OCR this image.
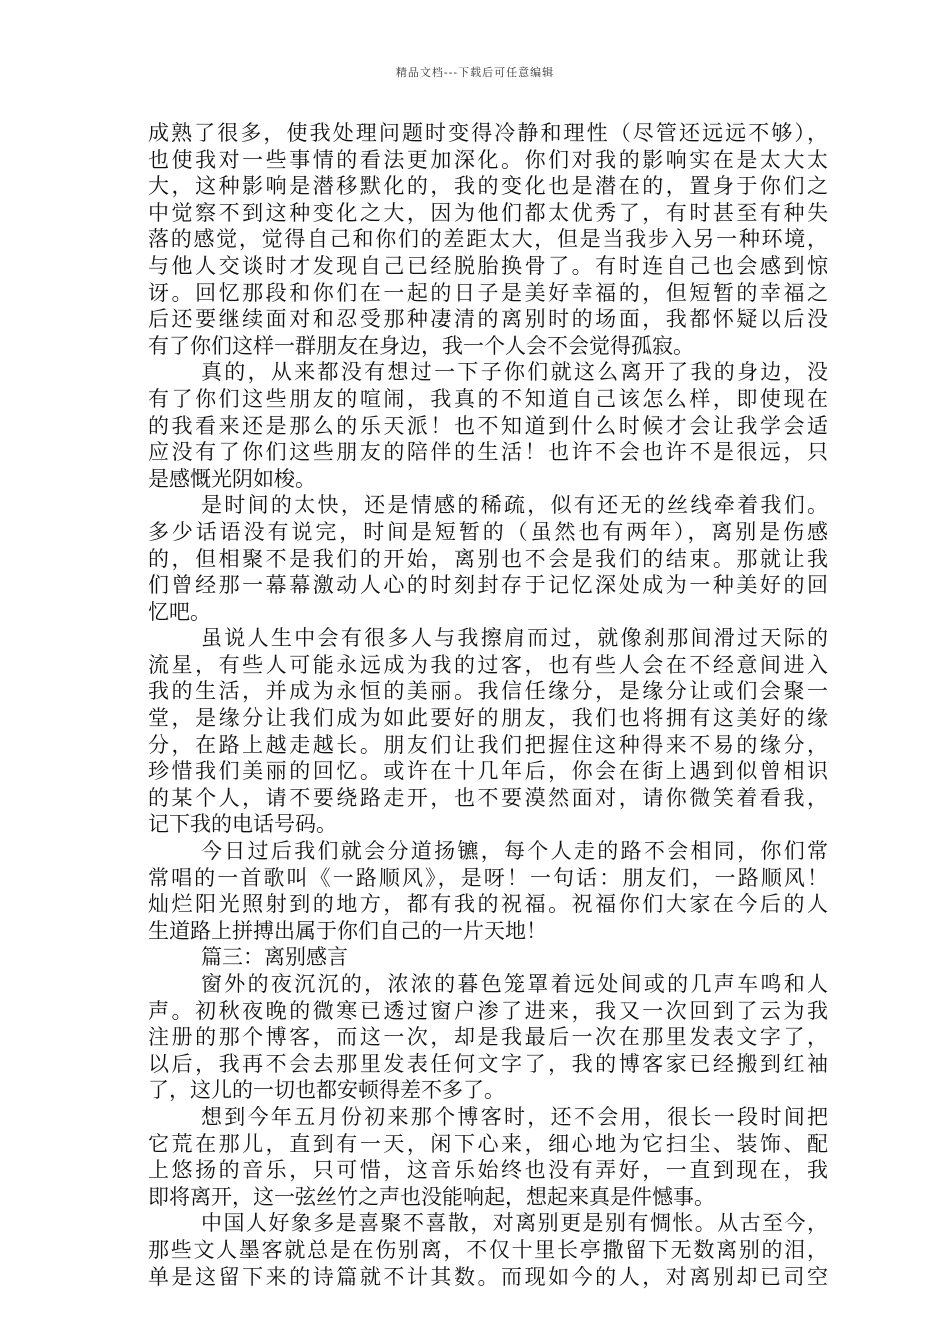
精品文档---下载后可任意编辑
成熟了很多，使我处理问题时变得冷静和理性（尽管还远远不够），
也使我对一些事情的看法更加深化。你们对我的影响实在是太大太
大，这种影响是潜移默化的，我的变化也是潜在的，置身于你们之
中觉察不到这种变化之大，因为他们都太优秀了，有时甚至有种失
落的感觉，觉得自己和你们的差距太大，但是当我步入另一种环境，
与他人交谈时才发现自己已经脱胎换骨了。有时连自己也会感到惊
讶。回忆那段和你们在一起的日子是美好幸福的，但短暂的幸福之
后还要继续面对和忍受那种凄清的离别时的场面，我都怀疑以后没
有了你们这样一群朋友在身边，我一个人会不会觉得孤寂。
真的，从来都没有想过一下子你们就这么离开了我的身边，没
有了你们这些朋友的喧闹，我真的不知道自己该怎么样，即使现在
的我看来还是那么的乐天派！也不知道到什么时候才会让我学会适
应没有了你们这些朋友的陪伴的生活！也许不会也许不是很远，只
是感慨光阴如梭。
是时间的太快，还是情感的稀疏，似有还无的丝线牵着我们。
多少话语没有说完，时间是短暂的（虽然也有两年），离别是伤感
的，但相聚不是我们的开始，离别也不会是我们的结束。那就让我
们曾经那一幕幕激动人心的时刻封存于记忆深处成为一种美好的回
忆吧。
虽说人生中会有很多人与我擦肩而过，就像刹那间滑过天际的
流星，有些人可能永远成为我的过客，也有些人会在不经意间进入
我的生活，并成为永恒的美丽。我信任缘分，是缘分让或们会聚一
堂，是缘分让我们成为如此要好的朋友，我们也将拥有这美好的缘
分，在路上越走越长。朋友们让我们把握住这种得来不易的缘分，
珍惜我们美丽的回忆。或许在十几年后，你会在街上遇到似曾相识
的某个人，请不要绕路走开，也不要漠然面对，请你微笑着看我，
记下我的电话号码。
今日过后我们就会分道扬镳，每个人走的路不会相同，你们常
常唱的一首歌叫《一路顺风》，是呀！一句话：朋友们，一路顺风！
灿烂阳光照射到的地方，都有我的祝福。祝福你们大家在今后的人
生道路上拼搏出属于你们自己的一片天地！
篇三：离别感言
窗外的夜沉沉的，浓浓的暮色笼罩着远处间或的几声车鸣和人
声。初秋夜晚的微寒已透过窗户渗了进来，我又一次回到了云为我
注册的那个博客，而这一次，却是我最后一次在那里发表文字了，
以后，我再不会去那里发表任何文字了，我的博客家已经搬到红袖
了，这儿的一切也都安顿得差不多了。
想到今年五月份初来那个博客时，还不会用，很长一段时间把
它荒在那儿，直到有一天，闲下心来，细心地为它扫尘、装饰、配
上悠扬的音乐，只可惜，这音乐始终也没有弄好，一直到现在，我
即将离开，这一弦丝竹之声也没能响起，想起来真是件憾事。
中国人好象多是喜聚不喜散，对离别更是别有惆怅。从古至今，
那些文人墨客就总是在伤别离，不仅十里长亭撒留下无数离别的泪，
单是这留下来的诗篇就不计其数。而现如今的人，对离别却已司空
